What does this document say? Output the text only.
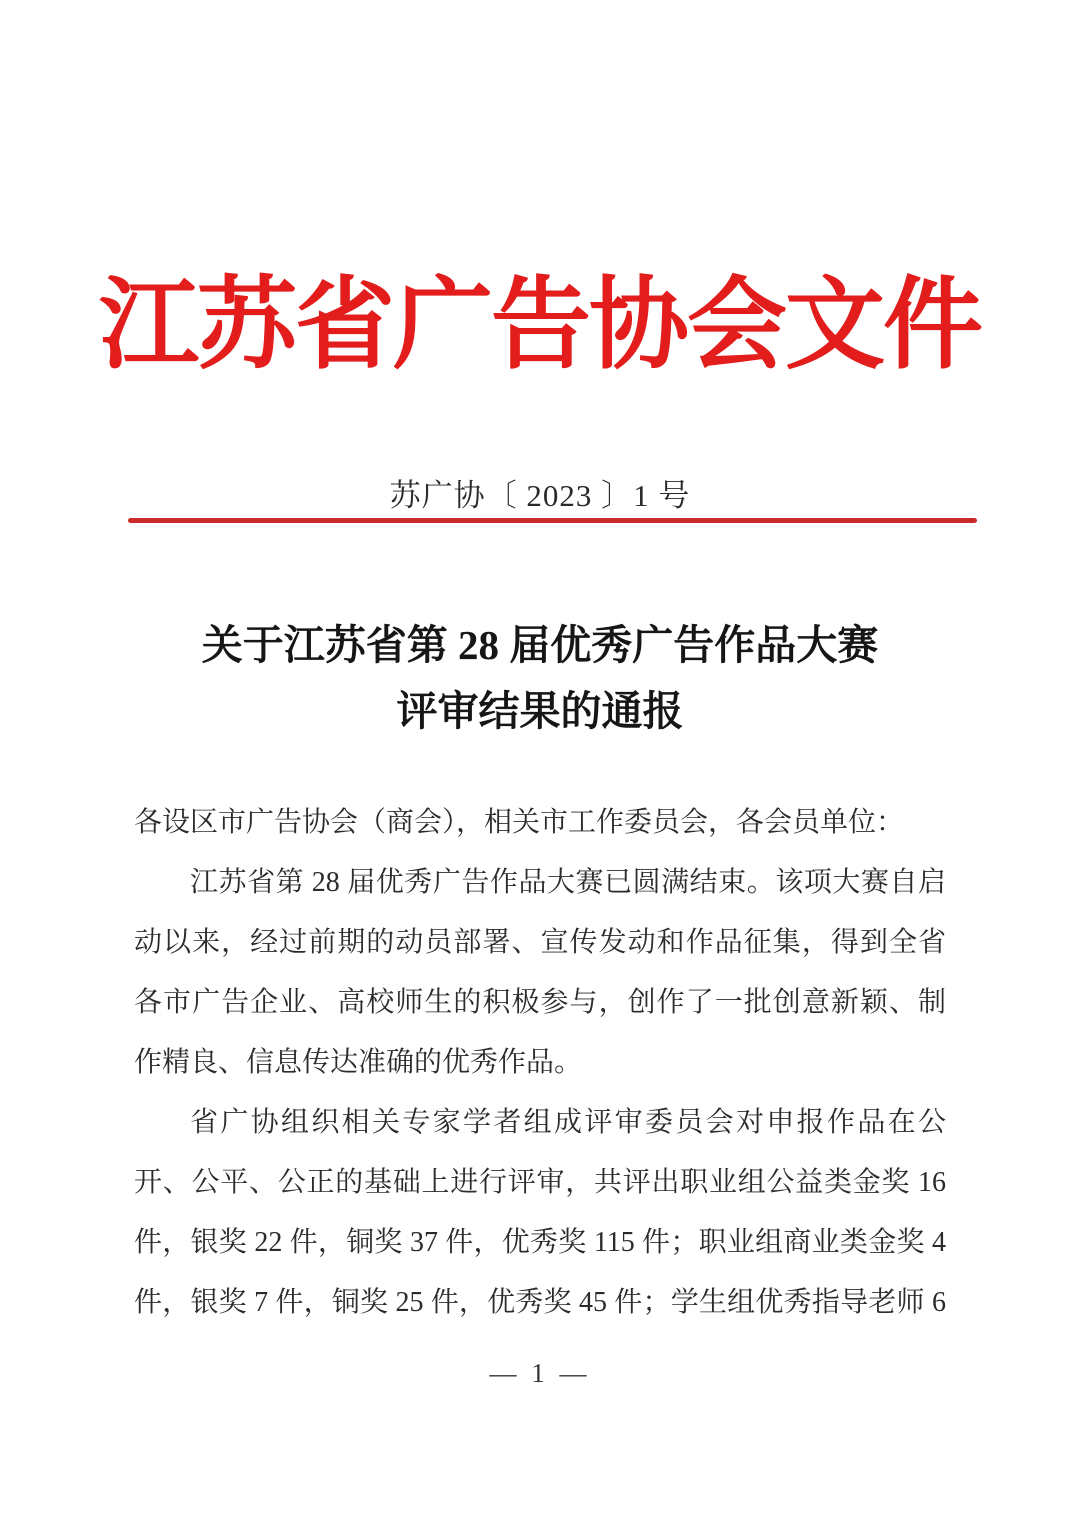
江苏省广告协会文件
苏广协〔 2023 〕1 号
关于江苏省第 28 届优秀广告作品大赛
评审结果的通报
各设区市广告协会（商会），相关市工作委员会，各会员单位：
江苏省第 28 届优秀广告作品大赛已圆满结束。该项大赛自启
动以来，经过前期的动员部署、宣传发动和作品征集，得到全省
各市广告企业、高校师生的积极参与，创作了一批创意新颖、制
作精良、信息传达准确的优秀作品。
省广协组织相关专家学者组成评审委员会对申报作品在公
开、公平、公正的基础上进行评审，共评出职业组公益类金奖 16
件，银奖 22 件，铜奖 37 件，优秀奖 115 件；职业组商业类金奖 4
件，银奖 7 件，铜奖 25 件，优秀奖 45 件；学生组优秀指导老师 6
— 1 —
